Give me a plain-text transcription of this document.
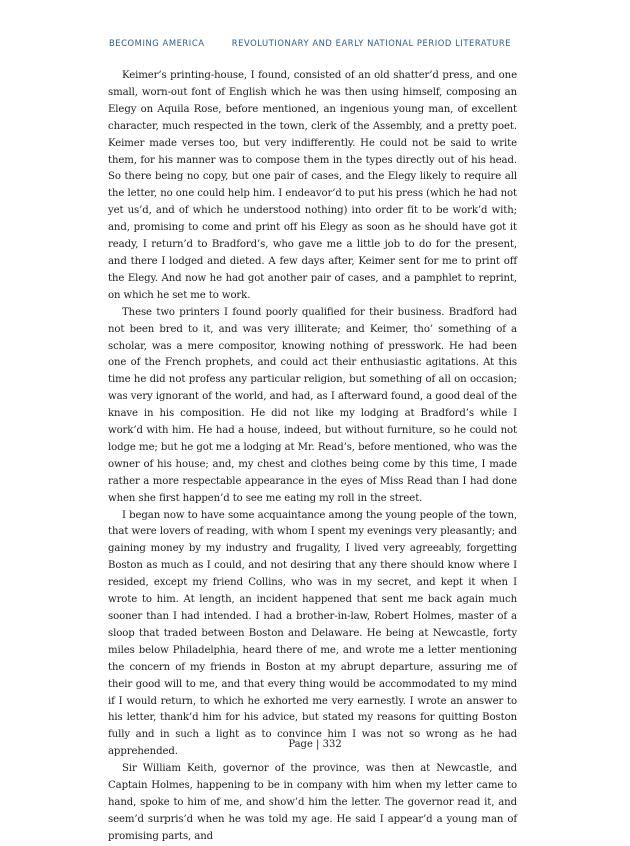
BECOMING AMERICA	REVOLUTIONARY AND EARLY NATIONAL PERIOD LITERATURE

Keimer’s printing-house, I found, consisted of an old shatter’d press, and one small, worn-out font of English which he was then using himself, composing an Elegy on Aquila Rose, before mentioned, an ingenious young man, of excellent character, much respected in the town, clerk of the Assembly, and a pretty poet. Keimer made verses too, but very indifferently. He could not be said to write them, for his manner was to compose them in the types directly out of his head. So there being no copy, but one pair of cases, and the Elegy likely to require all the letter, no one could help him. I endeavor’d to put his press (which he had not yet us’d, and of which he understood nothing) into order fit to be work’d with; and, promising to come and print off his Elegy as soon as he should have got it ready, I return’d to Bradford’s, who gave me a little job to do for the present, and there I lodged and dieted. A few days after, Keimer sent for me to print off the Elegy. And now he had got another pair of cases, and a pamphlet to reprint, on which he set me to work.

These two printers I found poorly qualified for their business. Bradford had not been bred to it, and was very illiterate; and Keimer, tho’ something of a scholar, was a mere compositor, knowing nothing of presswork. He had been one of the French prophets, and could act their enthusiastic agitations. At this time he did not profess any particular religion, but something of all on occasion; was very ignorant of the world, and had, as I afterward found, a good deal of the knave in his composition. He did not like my lodging at Bradford’s while I work’d with him. He had a house, indeed, but without furniture, so he could not lodge me; but he got me a lodging at Mr. Read’s, before mentioned, who was the owner of his house; and, my chest and clothes being come by this time, I made rather a more respectable appearance in the eyes of Miss Read than I had done when she first happen’d to see me eating my roll in the street.

I began now to have some acquaintance among the young people of the town, that were lovers of reading, with whom I spent my evenings very pleasantly; and gaining money by my industry and frugality, I lived very agreeably, forgetting Boston as much as I could, and not desiring that any there should know where I resided, except my friend Collins, who was in my secret, and kept it when I wrote to him. At length, an incident happened that sent me back again much sooner than I had intended. I had a brother-in-law, Robert Holmes, master of a sloop that traded between Boston and Delaware. He being at Newcastle, forty miles below Philadelphia, heard there of me, and wrote me a letter mentioning the concern of my friends in Boston at my abrupt departure, assuring me of their good will to me, and that every thing would be accommodated to my mind if I would return, to which he exhorted me very earnestly. I wrote an answer to his letter, thank’d him for his advice, but stated my reasons for quitting Boston fully and in such a light as to convince him I was not so wrong as he had apprehended.

Sir William Keith, governor of the province, was then at Newcastle, and Captain Holmes, happening to be in company with him when my letter came to hand, spoke to him of me, and show’d him the letter. The governor read it, and seem’d surpris’d when he was told my age. He said I appear’d a young man of promising parts, and

Page | 332
